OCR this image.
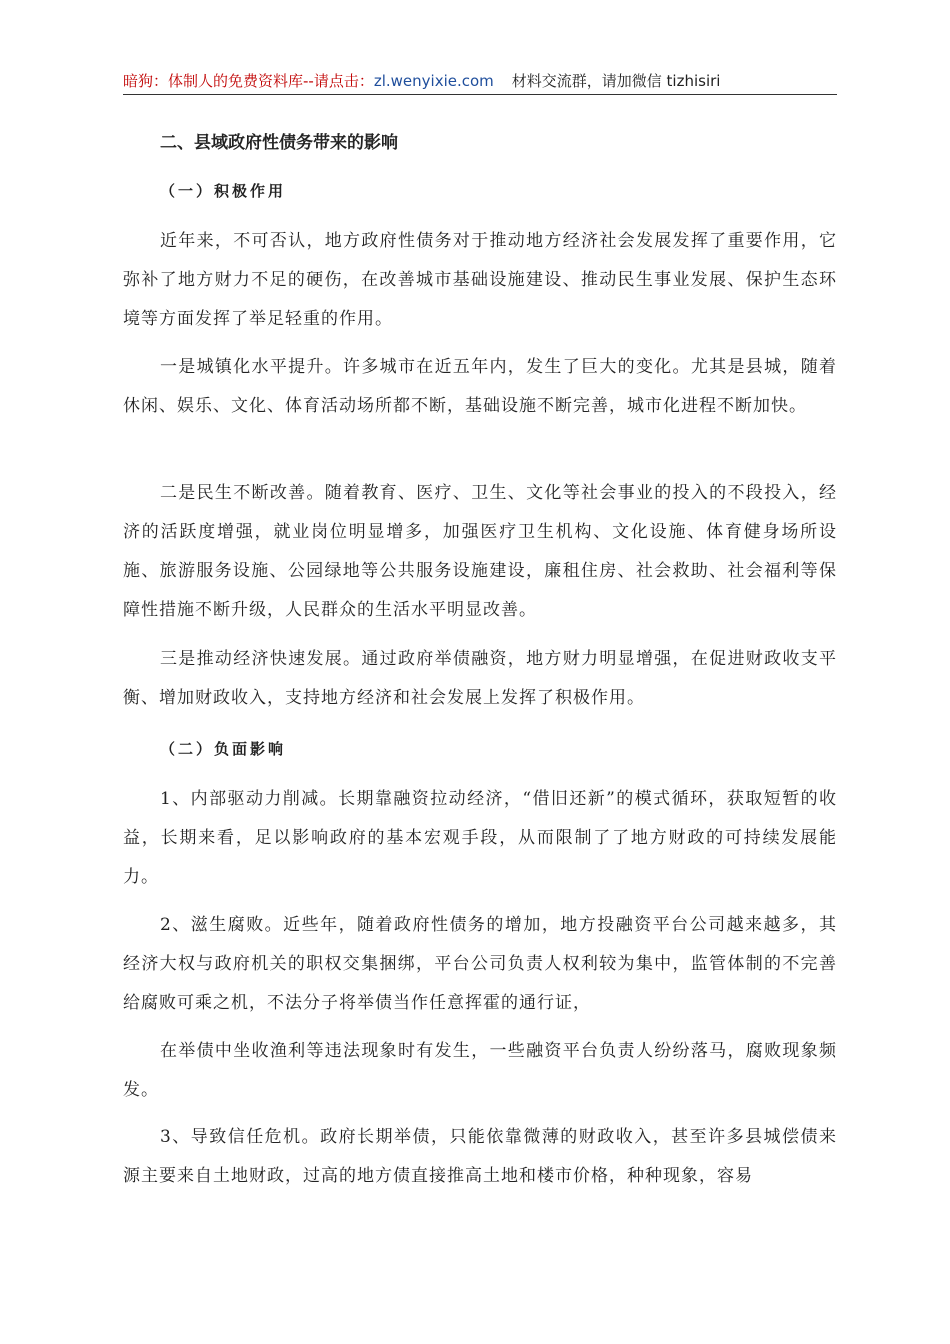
暗狗：体制人的免费资料库--请点击：zl.wenyixie.com 材料交流群，请加微信 tizhisiri
二、县域政府性债务带来的影响
（一）积极作用

近年来，不可否认，地方政府性债务对于推动地方经济社会发展发挥了重要作用，它弥补了地方财力不足的硬伤，在改善城市基础设施建设、推动民生事业发展、保护生态环境等方面发挥了举足轻重的作用。

一是城镇化水平提升。许多城市在近五年内，发生了巨大的变化。尤其是县城，随着休闲、娱乐、文化、体育活动场所都不断，基础设施不断完善，城市化进程不断加快。

二是民生不断改善。随着教育、医疗、卫生、文化等社会事业的投入的不段投入，经济的活跃度增强，就业岗位明显增多，加强医疗卫生机构、文化设施、体育健身场所设施、旅游服务设施、公园绿地等公共服务设施建设，廉租住房、社会救助、社会福利等保障性措施不断升级，人民群众的生活水平明显改善。

三是推动经济快速发展。通过政府举债融资，地方财力明显增强，在促进财政收支平衡、增加财政收入，支持地方经济和社会发展上发挥了积极作用。

（二）负面影响

1、内部驱动力削减。长期靠融资拉动经济，“借旧还新”的模式循环，获取短暂的收益，长期来看，足以影响政府的基本宏观手段，从而限制了了地方财政的可持续发展能力。

2、滋生腐败。近些年，随着政府性债务的增加，地方投融资平台公司越来越多，其经济大权与政府机关的职权交集捆绑，平台公司负责人权利较为集中，监管体制的不完善给腐败可乘之机，不法分子将举债当作任意挥霍的通行证，

在举债中坐收渔利等违法现象时有发生，一些融资平台负责人纷纷落马，腐败现象频发。

3、导致信任危机。政府长期举债，只能依靠微薄的财政收入，甚至许多县城偿债来源主要来自土地财政，过高的地方债直接推高土地和楼市价格，种种现象，容易
